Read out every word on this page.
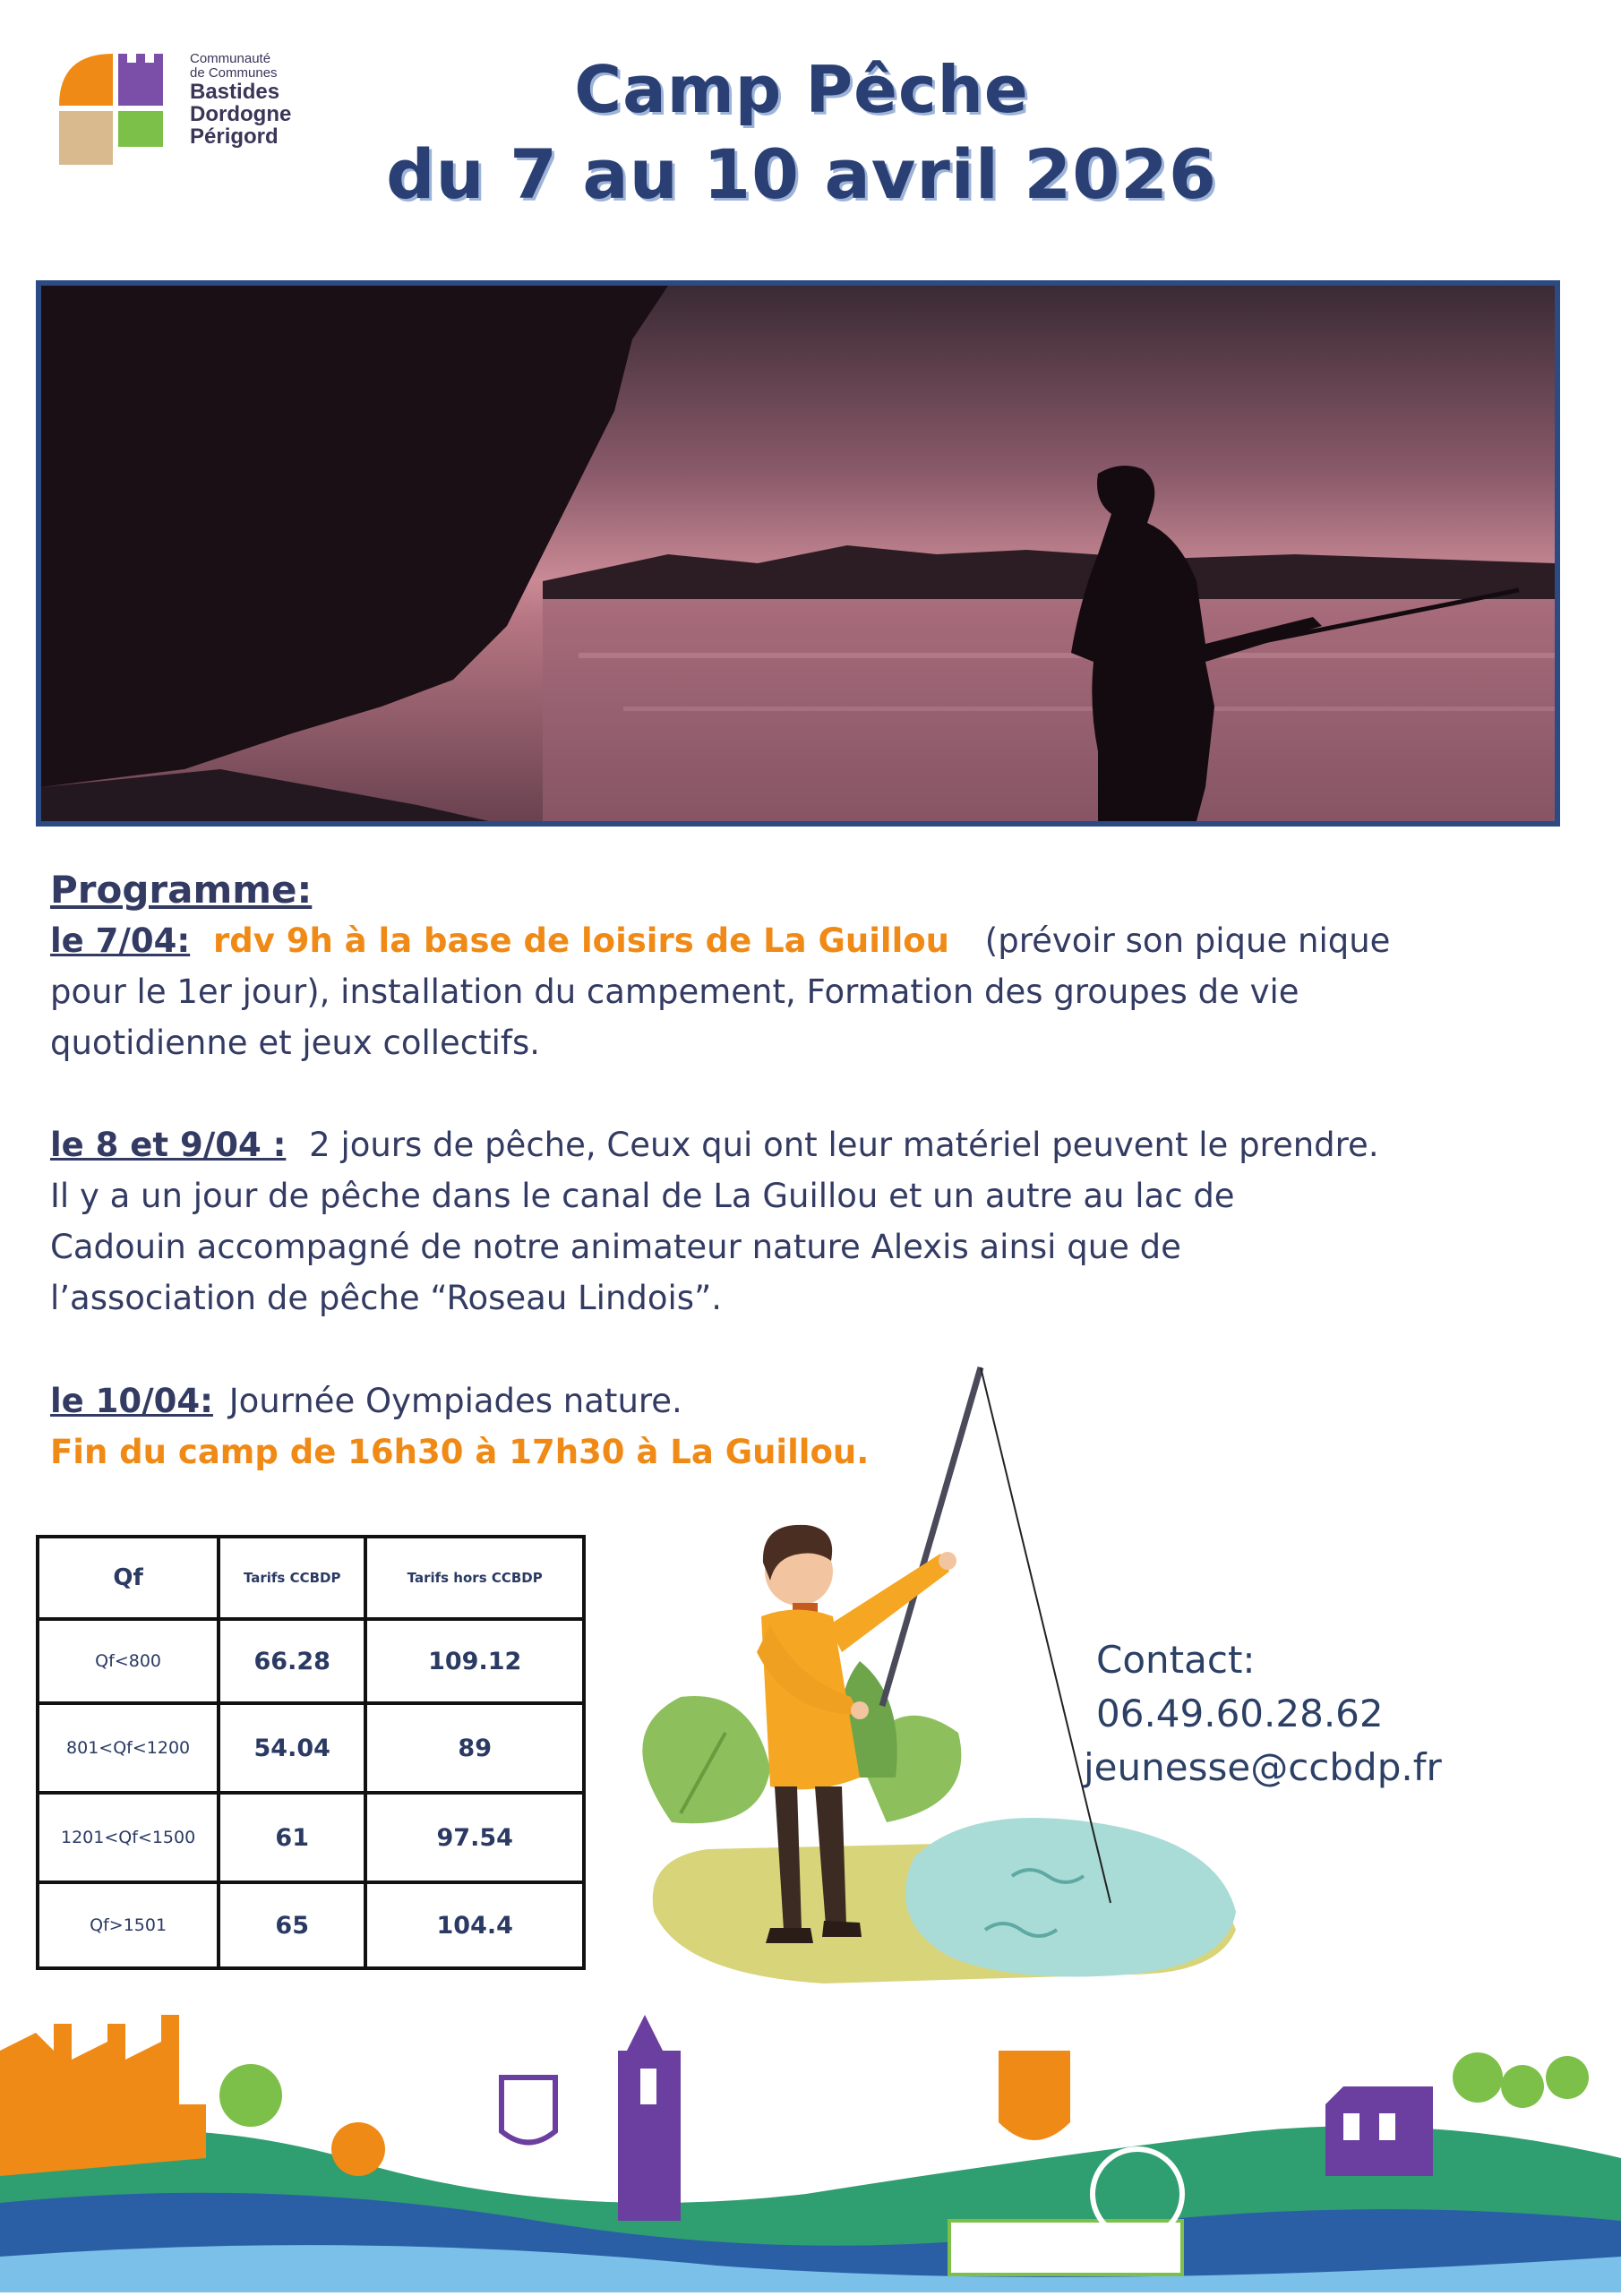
Communauté
de Communes
Bastides
Dordogne
Périgord
Camp Pêche
du 7 au 10 avril 2026
Programme:
le 7/04: rdv 9h à la base de loisirs de La Guillou (prévoir son pique nique
pour le 1er jour), installation du campement, Formation des groupes de vie
quotidienne et jeux collectifs.
le 8 et 9/04 : 2 jours de pêche, Ceux qui ont leur matériel peuvent le prendre.
Il y a un jour de pêche dans le canal de La Guillou et un autre au lac de
Cadouin accompagné de notre animateur nature Alexis ainsi que de
l’association de pêche “Roseau Lindois”.
le 10/04: Journée Oympiades nature.
Fin du camp de 16h30 à 17h30 à La Guillou.
Qf	Tarifs CCBDP	Tarifs hors CCBDP
Qf<800	66.28	109.12
801<Qf<1200	54.04	89
1201<Qf<1500	61	97.54
Qf>1501	65	104.4
Contact:
06.49.60.28.62
jeunesse@ccbdp.fr
